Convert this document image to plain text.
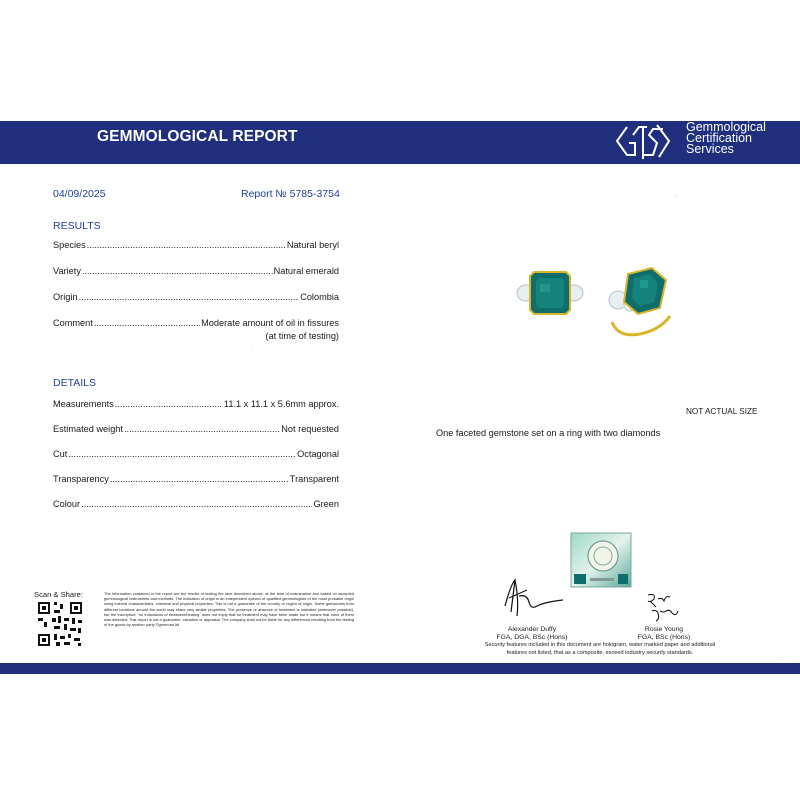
GEMMOLOGICAL REPORT
Gemmological
Certification
Services
04/09/2025	Report № 5785-3754
RESULTS
Species .....	Natural beryl
Variety .....	Natural emerald
Origin .....	Colombia
Comment .....	Moderate amount of oil in fissures
(at time of testing)
·
DETAILS
Measurements .....	11.1 x 11.1 x 5.6mm approx.
Estimated weight .....	Not requested
Cut .....	Octagonal
Transparency .....	Transparent
Colour .....	Green
NOT ACTUAL SIZE
One faceted gemstone set on a ring with two diamonds
·
Scan & Share:	The information contained in the report are the results of testing the item described above, at the time of examination and based on accepted gemmological instruments and methods. The indication of origin is an independent opinion of qualified gemmologists of the most probable origin using internal characteristics, chemical and physical properties. This is not a guarantee of the country or region of origin. Some gemstones from different locations around the world may share very similar properties. The presence or absence of treatment is indicated (whenever possible), but the inscription: "no indications of treatment/heating" does not imply that no treatment may have been made but it means that none of them was detected. This report is not a guarantee, valuation or appraisal. The company shall not be liable for any differences resulting from the testing of the goods by another party ©gemroad ltd
Alexander Duffy
FGA, DGA, BSc (Hons)
Rosie Young
FGA, BSc (Hons)
Security features included in this document are hologram, water marked paper and additional features not listed, that as a composite, exceed industry security standards.
·
